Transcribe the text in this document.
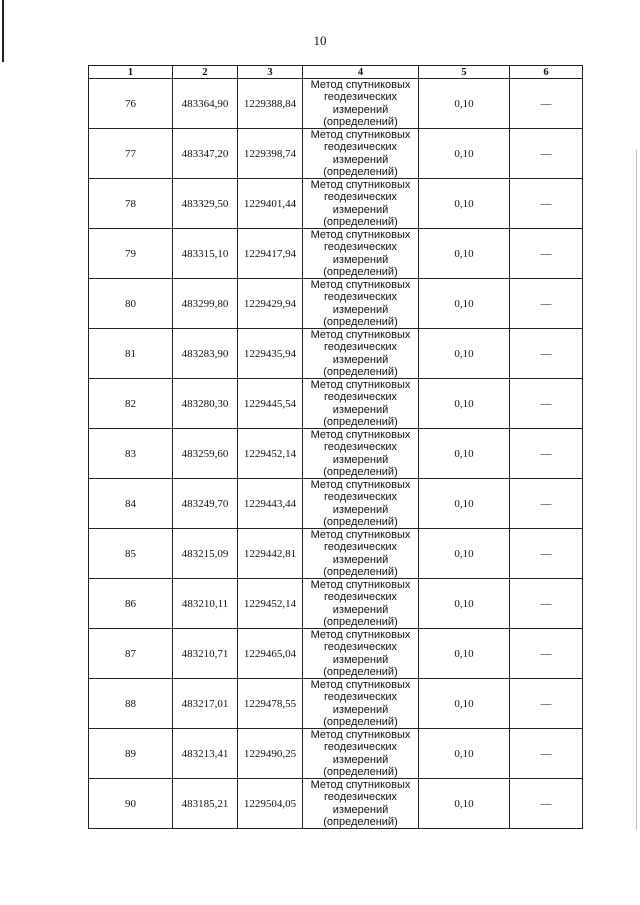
10
1	2	3	4	5	6
76	483364,90	1229388,84	Метод спутниковых
геодезических
измерений
(определений)	0,10	—
77	483347,20	1229398,74	Метод спутниковых
геодезических
измерений
(определений)	0,10	—
78	483329,50	1229401,44	Метод спутниковых
геодезических
измерений
(определений)	0,10	—
79	483315,10	1229417,94	Метод спутниковых
геодезических
измерений
(определений)	0,10	—
80	483299,80	1229429,94	Метод спутниковых
геодезических
измерений
(определений)	0,10	—
81	483283,90	1229435,94	Метод спутниковых
геодезических
измерений
(определений)	0,10	—
82	483280,30	1229445,54	Метод спутниковых
геодезических
измерений
(определений)	0,10	—
83	483259,60	1229452,14	Метод спутниковых
геодезических
измерений
(определений)	0,10	—
84	483249,70	1229443,44	Метод спутниковых
геодезических
измерений
(определений)	0,10	—
85	483215,09	1229442,81	Метод спутниковых
геодезических
измерений
(определений)	0,10	—
86	483210,11	1229452,14	Метод спутниковых
геодезических
измерений
(определений)	0,10	—
87	483210,71	1229465,04	Метод спутниковых
геодезических
измерений
(определений)	0,10	—
88	483217,01	1229478,55	Метод спутниковых
геодезических
измерений
(определений)	0,10	—
89	483213,41	1229490,25	Метод спутниковых
геодезических
измерений
(определений)	0,10	—
90	483185,21	1229504,05	Метод спутниковых
геодезических
измерений
(определений)	0,10	—
